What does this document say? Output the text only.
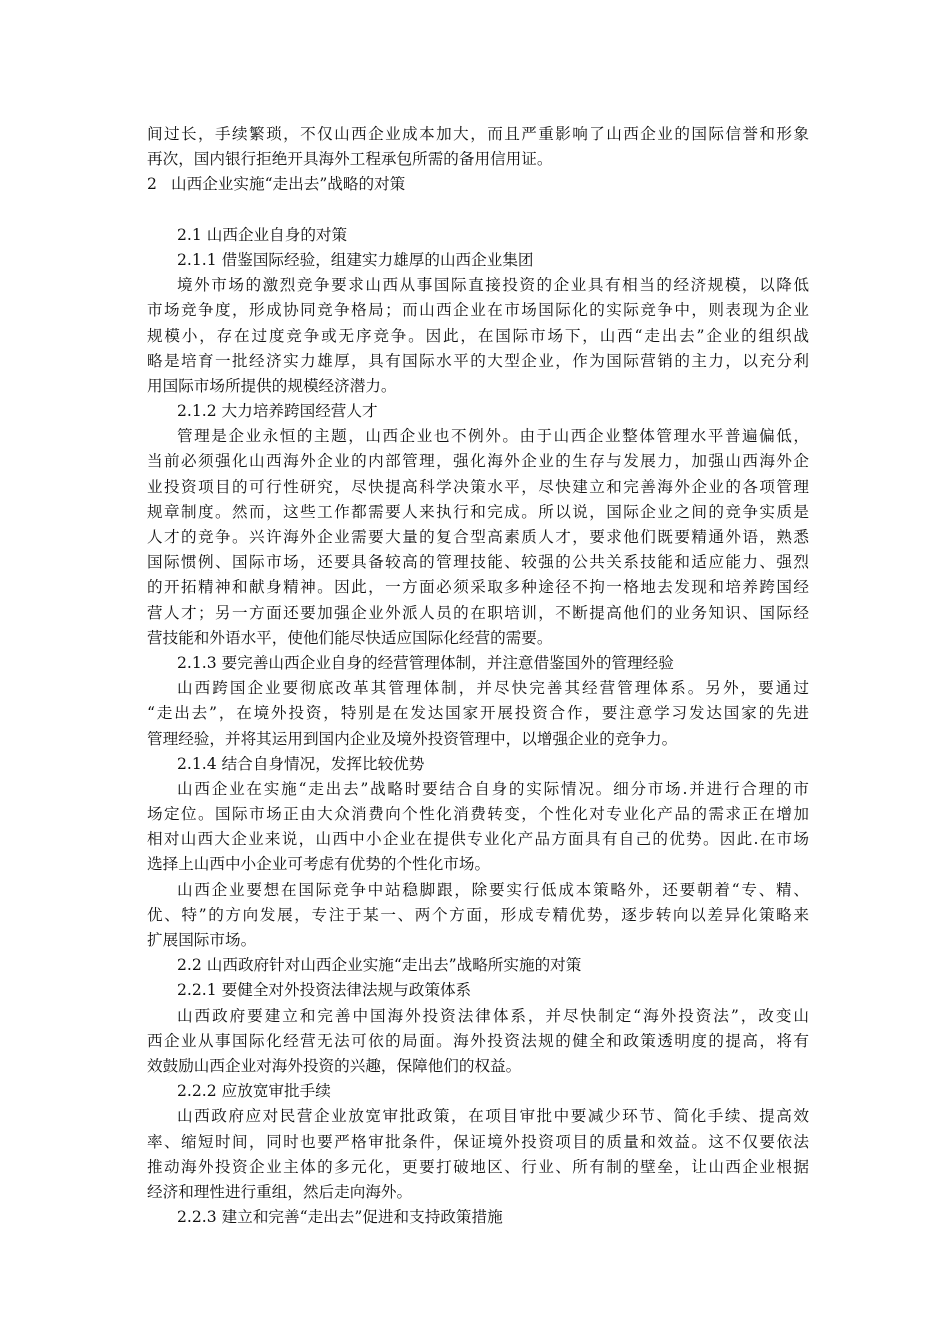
间过长，手续繁琐，不仅山西企业成本加大，而且严重影响了山西企业的国际信誉和形象
再次，国内银行拒绝开具海外工程承包所需的备用信用证。
2 山西企业实施“走出去”战略的对策
2.1 山西企业自身的对策
2.1.1 借鉴国际经验，组建实力雄厚的山西企业集团
境外市场的激烈竞争要求山西从事国际直接投资的企业具有相当的经济规模，以降低
市场竞争度，形成协同竞争格局；而山西企业在市场国际化的实际竞争中，则表现为企业
规模小，存在过度竞争或无序竞争。因此，在国际市场下，山西“走出去”企业的组织战
略是培育一批经济实力雄厚，具有国际水平的大型企业，作为国际营销的主力，以充分利
用国际市场所提供的规模经济潜力。
2.1.2 大力培养跨国经营人才
管理是企业永恒的主题，山西企业也不例外。由于山西企业整体管理水平普遍偏低，
当前必须强化山西海外企业的内部管理，强化海外企业的生存与发展力，加强山西海外企
业投资项目的可行性研究，尽快提高科学决策水平，尽快建立和完善海外企业的各项管理
规章制度。然而，这些工作都需要人来执行和完成。所以说，国际企业之间的竞争实质是
人才的竞争。兴许海外企业需要大量的复合型高素质人才，要求他们既要精通外语，熟悉
国际惯例、国际市场，还要具备较高的管理技能、较强的公共关系技能和适应能力、强烈
的开拓精神和献身精神。因此，一方面必须采取多种途径不拘一格地去发现和培养跨国经
营人才；另一方面还要加强企业外派人员的在职培训，不断提高他们的业务知识、国际经
营技能和外语水平，使他们能尽快适应国际化经营的需要。
2.1.3 要完善山西企业自身的经营管理体制，并注意借鉴国外的管理经验
山西跨国企业要彻底改革其管理体制，并尽快完善其经营管理体系。另外，要通过
“走出去”，在境外投资，特别是在发达国家开展投资合作，要注意学习发达国家的先进
管理经验，并将其运用到国内企业及境外投资管理中，以增强企业的竞争力。
2.1.4 结合自身情况，发挥比较优势
山西企业在实施“走出去”战略时要结合自身的实际情况。细分市场.并进行合理的市
场定位。国际市场正由大众消费向个性化消费转变，个性化对专业化产品的需求正在增加
相对山西大企业来说，山西中小企业在提供专业化产品方面具有自己的优势。因此.在市场
选择上山西中小企业可考虑有优势的个性化市场。
山西企业要想在国际竞争中站稳脚跟，除要实行低成本策略外，还要朝着“专、精、
优、特”的方向发展，专注于某一、两个方面，形成专精优势，逐步转向以差异化策略来
扩展国际市场。
2.2 山西政府针对山西企业实施“走出去”战略所实施的对策
2.2.1 要健全对外投资法律法规与政策体系
山西政府要建立和完善中国海外投资法律体系，并尽快制定“海外投资法”，改变山
西企业从事国际化经营无法可依的局面。海外投资法规的健全和政策透明度的提高，将有
效鼓励山西企业对海外投资的兴趣，保障他们的权益。
2.2.2 应放宽审批手续
山西政府应对民营企业放宽审批政策，在项目审批中要减少环节、简化手续、提高效
率、缩短时间，同时也要严格审批条件，保证境外投资项目的质量和效益。这不仅要依法
推动海外投资企业主体的多元化，更要打破地区、行业、所有制的壁垒，让山西企业根据
经济和理性进行重组，然后走向海外。
2.2.3 建立和完善“走出去”促进和支持政策措施
